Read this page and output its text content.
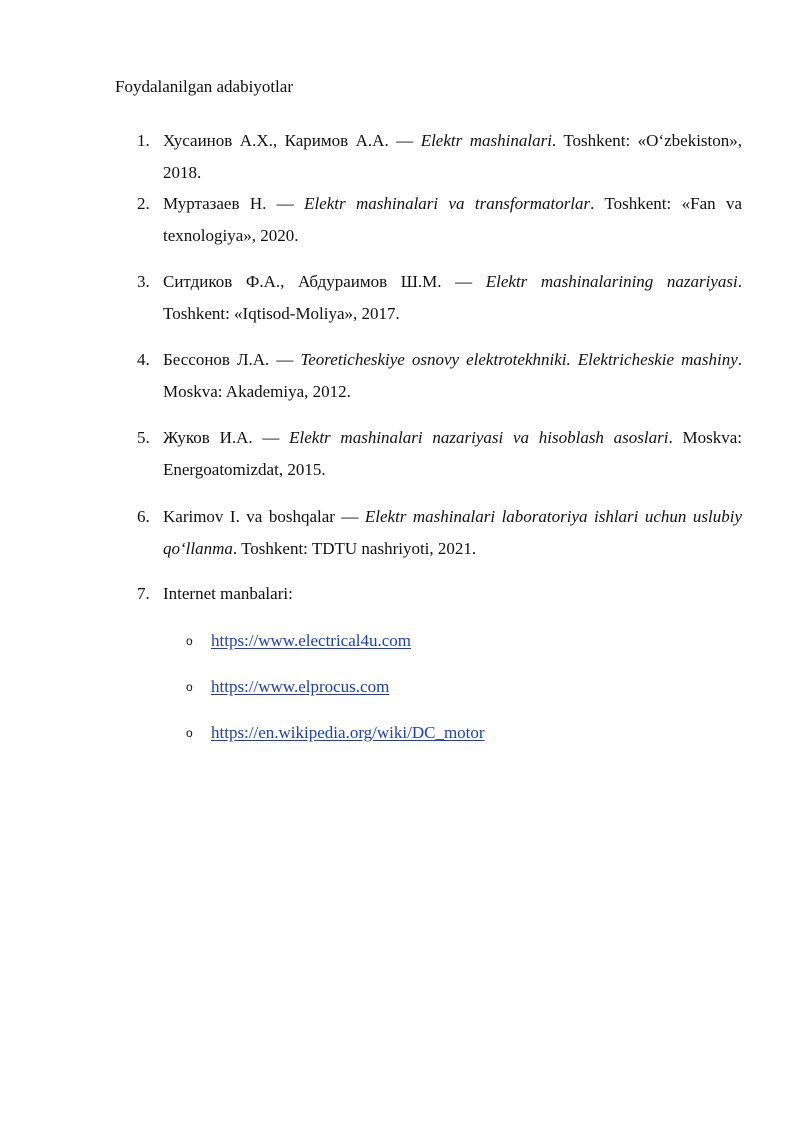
Foydalanilgan adabiyotlar
1. Хусаинов А.Х., Каримов А.А. — Elektr mashinalari. Toshkent: «O‘zbekiston», 2018.
2. Муртазаев Н. — Elektr mashinalari va transformatorlar. Toshkent: «Fan va texnologiya», 2020.
3. Ситдиков Ф.А., Абдураимов Ш.М. — Elektr mashinalarining nazariyasi. Toshkent: «Iqtisod-Moliya», 2017.
4. Бессонов Л.А. — Teoreticheskiye osnovy elektrotekhniki. Elektricheskie mashiny. Moskva: Akademiya, 2012.
5. Жуков И.А. — Elektr mashinalari nazariyasi va hisoblash asoslari. Moskva: Energoatomizdat, 2015.
6. Karimov I. va boshqalar — Elektr mashinalari laboratoriya ishlari uchun uslubiy qo‘llanma. Toshkent: TDTU nashriyoti, 2021.
7. Internet manbalari:
o https://www.electrical4u.com
o https://www.elprocus.com
o https://en.wikipedia.org/wiki/DC_motor
